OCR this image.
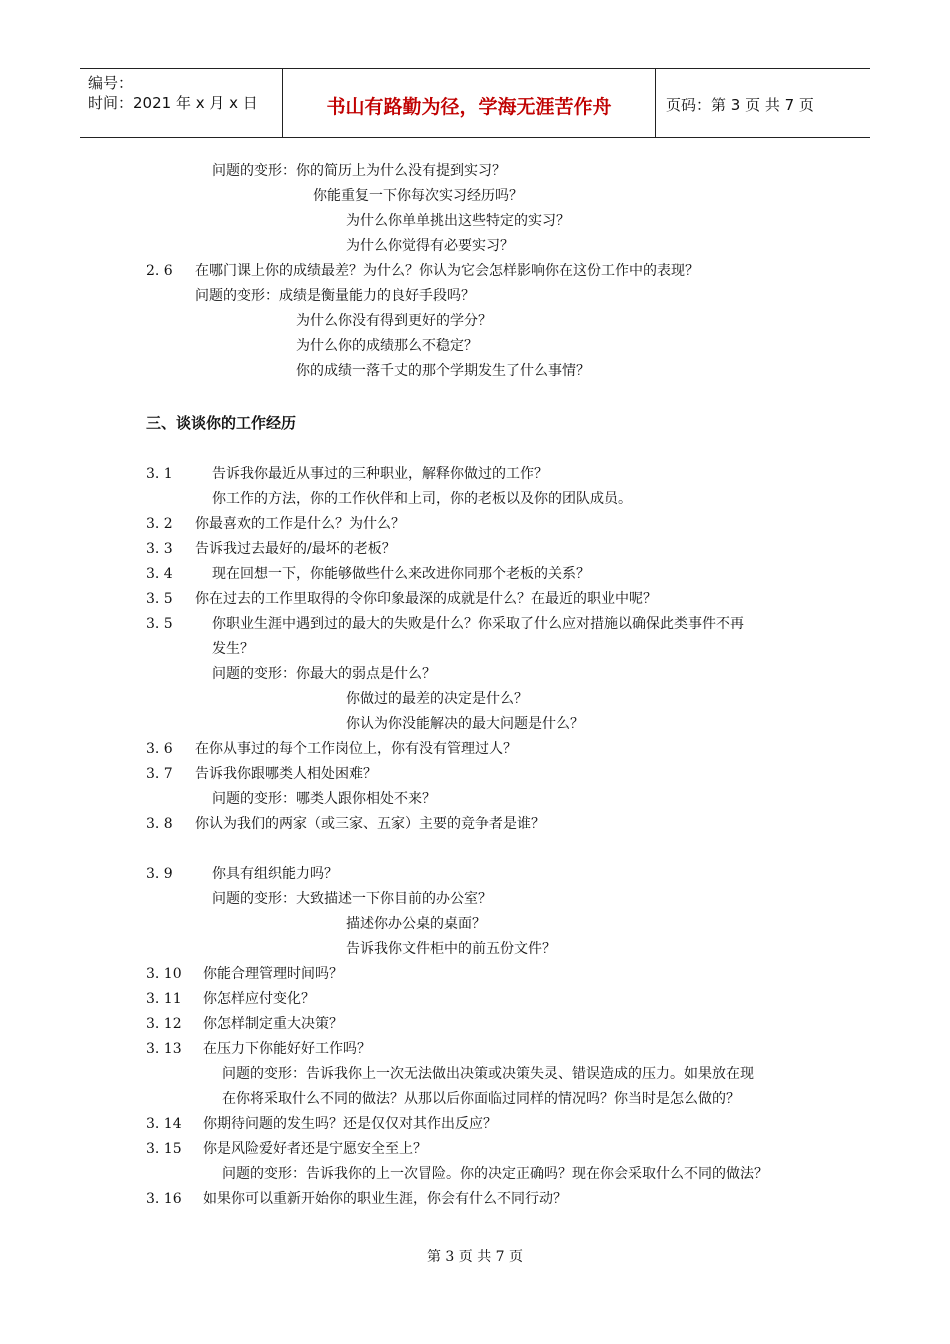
编号：
时间：2021 年 x 月 x 日	书山有路勤为径，学海无涯苦作舟	页码：第 3 页 共 7 页
问题的变形：你的简历上为什么没有提到实习？
你能重复一下你每次实习经历吗？
为什么你单单挑出这些特定的实习？
为什么你觉得有必要实习？
2. 6 在哪门课上你的成绩最差？为什么？你认为它会怎样影响你在这份工作中的表现？
问题的变形：成绩是衡量能力的良好手段吗？
为什么你没有得到更好的学分？
为什么你的成绩那么不稳定？
你的成绩一落千丈的那个学期发生了什么事情？
三、谈谈你的工作经历
3. 1	告诉我你最近从事过的三种职业，解释你做过的工作？
你工作的方法，你的工作伙伴和上司，你的老板以及你的团队成员。
3. 2 你最喜欢的工作是什么？为什么？
3. 3 告诉我过去最好的/最坏的老板？
3. 4	现在回想一下，你能够做些什么来改进你同那个老板的关系？
3. 5 你在过去的工作里取得的令你印象最深的成就是什么？在最近的职业中呢？
3. 5	你职业生涯中遇到过的最大的失败是什么？你采取了什么应对措施以确保此类事件不再
发生？
问题的变形：你最大的弱点是什么？
你做过的最差的决定是什么？
你认为你没能解决的最大问题是什么？
3. 6 在你从事过的每个工作岗位上，你有没有管理过人？
3. 7 告诉我你跟哪类人相处困难？
问题的变形：哪类人跟你相处不来？
3. 8 你认为我们的两家（或三家、五家）主要的竞争者是谁？
3. 9	你具有组织能力吗？
问题的变形：大致描述一下你目前的办公室？
描述你办公桌的桌面？
告诉我你文件柜中的前五份文件？
3. 10 你能合理管理时间吗？
3. 11 你怎样应付变化？
3. 12 你怎样制定重大决策？
3. 13 在压力下你能好好工作吗？
问题的变形：告诉我你上一次无法做出决策或决策失灵、错误造成的压力。如果放在现
在你将采取什么不同的做法？从那以后你面临过同样的情况吗？你当时是怎么做的？
3. 14 你期待问题的发生吗？还是仅仅对其作出反应？
3. 15 你是风险爱好者还是宁愿安全至上？
问题的变形：告诉我你的上一次冒险。你的决定正确吗？现在你会采取什么不同的做法？
3. 16 如果你可以重新开始你的职业生涯，你会有什么不同行动？
第 3 页 共 7 页
